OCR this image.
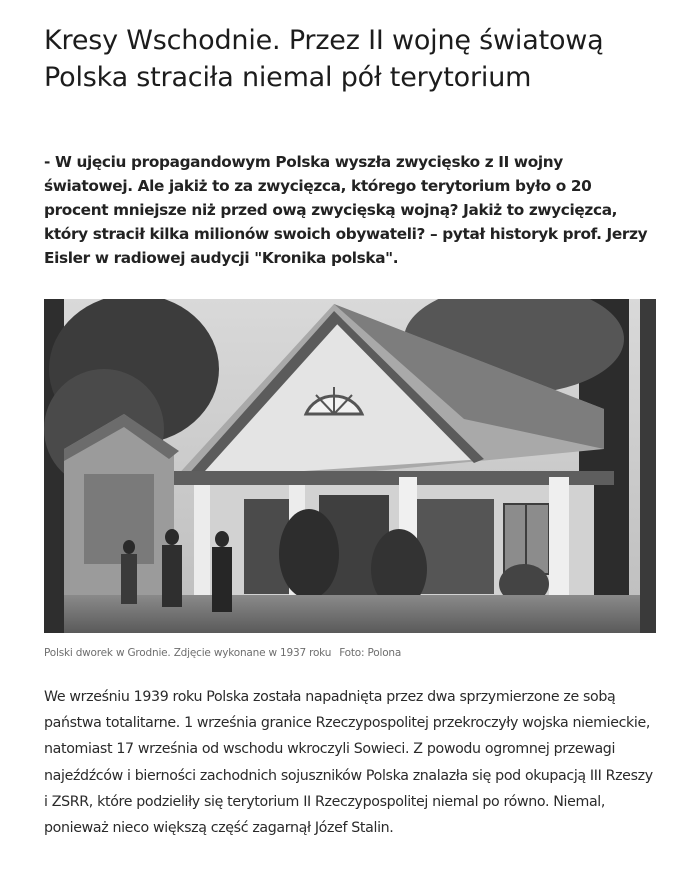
Kresy Wschodnie. Przez II wojnę światową Polska straciła niemal pół terytorium

- W ujęciu propagandowym Polska wyszła zwycięsko z II wojny światowej. Ale jakiż to za zwycięzca, którego terytorium było o 20 procent mniejsze niż przed ową zwycięską wojną? Jakiż to zwycięzca, który stracił kilka milionów swoich obywateli? – pytał historyk prof. Jerzy Eisler w radiowej audycji "Kronika polska".

Polski dworek w Grodnie. Zdjęcie wykonane w 1937 roku Foto: Polona

We wrześniu 1939 roku Polska została napadnięta przez dwa sprzymierzone ze sobą państwa totalitarne. 1 września granice Rzeczypospolitej przekroczyły wojska niemieckie, natomiast 17 września od wschodu wkroczyli Sowieci. Z powodu ogromnej przewagi najeźdźców i bierności zachodnich sojuszników Polska znalazła się pod okupacją III Rzeszy i ZSRR, które podzieliły się terytorium II Rzeczypospolitej niemal po równo. Niemal, ponieważ nieco większą część zagarnął Józef Stalin.
